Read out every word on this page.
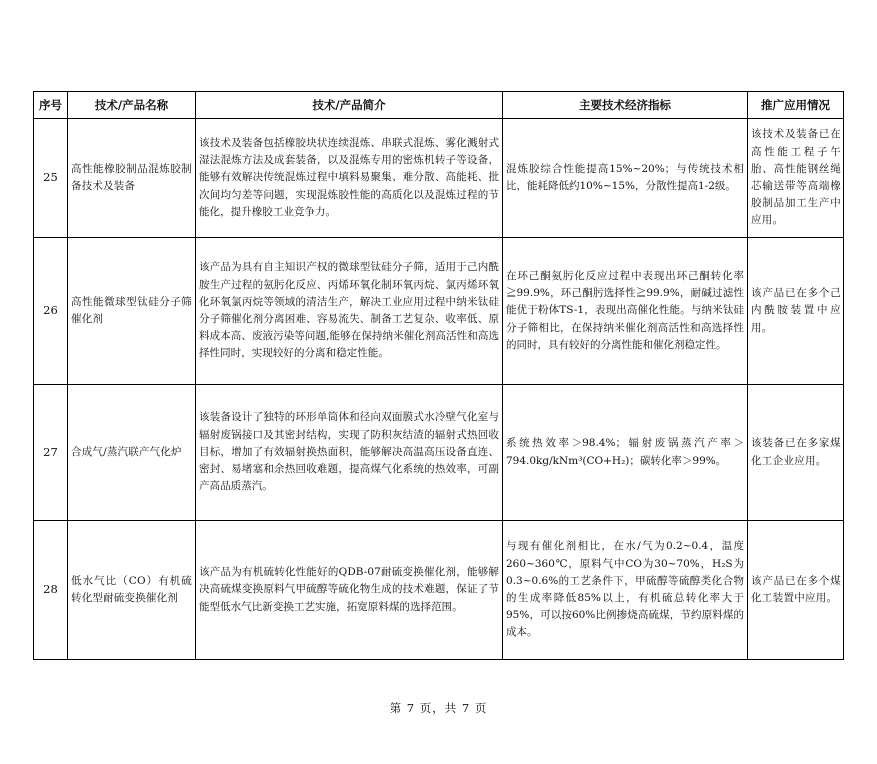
序号	技术/产品名称	技术/产品简介	主要技术经济指标	推广应用情况
25	高性能橡胶制品混炼胶制备技术及装备	该技术及装备包括橡胶块状连续混炼、串联式混炼、雾化溅射式湿法混炼方法及成套装备，以及混炼专用的密炼机转子等设备，能够有效解决传统混炼过程中填料易聚集、难分散、高能耗、批次间均匀差等问题，实现混炼胶性能的高质化以及混炼过程的节能化，提升橡胶工业竞争力。	混炼胶综合性能提高15%~20%；与传统技术相比，能耗降低约10%~15%，分散性提高1-2级。	该技术及装备已在高性能工程子午胎、高性能钢丝绳芯输送带等高端橡胶制品加工生产中应用。
26	高性能微球型钛硅分子筛催化剂	该产品为具有自主知识产权的微球型钛硅分子筛，适用于己内酰胺生产过程的氨肟化反应、丙烯环氧化制环氧丙烷、氯丙烯环氧化环氧氯丙烷等领域的清洁生产，解决工业应用过程中纳米钛硅分子筛催化剂分离困难、容易流失、制备工艺复杂、收率低、原料成本高、废液污染等问题,能够在保持纳米催化剂高活性和高选择性同时，实现较好的分离和稳定性能。	在环己酮氨肟化反应过程中表现出环己酮转化率≧99.9%，环己酮肟选择性≧99.9%，耐碱过滤性能优于粉体TS-1，表现出高催化性能。与纳米钛硅分子筛相比，在保持纳米催化剂高活性和高选择性的同时，具有较好的分离性能和催化剂稳定性。	该产品已在多个己内酰胺装置中应用。
27	合成气/蒸汽联产气化炉	该装备设计了独特的环形单筒体和径向双面膜式水冷壁气化室与辐射废锅接口及其密封结构，实现了防积灰结渣的辐射式热回收目标，增加了有效辐射换热面积，能够解决高温高压设备直连、密封、易堵塞和余热回收难题，提高煤气化系统的热效率，可副产高品质蒸汽。	系统热效率＞98.4%；辐射废锅蒸汽产率＞794.0kg/kNm³(CO+H₂)；碳转化率＞99%。	该装备已在多家煤化工企业应用。
28	低水气比（CO）有机硫转化型耐硫变换催化剂	该产品为有机硫转化性能好的QDB-07耐硫变换催化剂，能够解决高硫煤变换原料气甲硫醇等硫化物生成的技术难题，保证了节能型低水气比新变换工艺实施，拓宽原料煤的选择范围。	与现有催化剂相比，在水/气为0.2~0.4，温度260~360℃，原料气中CO为30~70%，H₂S为0.3~0.6%的工艺条件下，甲硫醇等硫醇类化合物的生成率降低85%以上，有机硫总转化率大于95%，可以按60%比例掺烧高硫煤，节约原料煤的成本。	该产品已在多个煤化工装置中应用。
第 7 页，共 7 页
